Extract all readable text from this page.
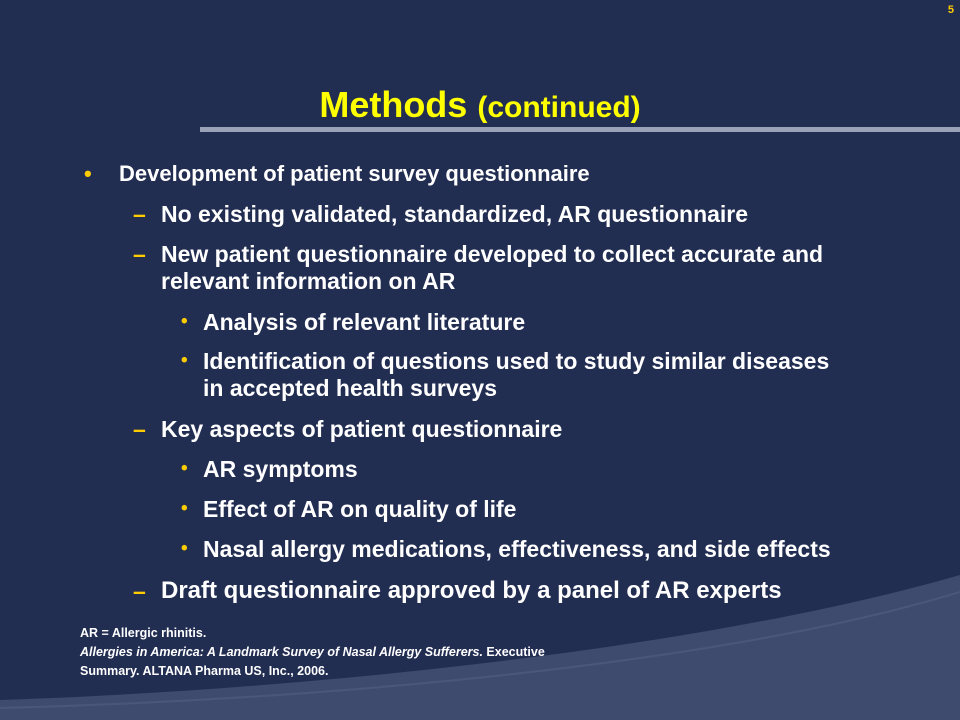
5
Methods (continued)
• Development of patient survey questionnaire
– No existing validated, standardized, AR questionnaire
– New patient questionnaire developed to collect accurate and
relevant information on AR
• Analysis of relevant literature
• Identification of questions used to study similar diseases
in accepted health surveys
– Key aspects of patient questionnaire
• AR symptoms
• Effect of AR on quality of life
• Nasal allergy medications, effectiveness, and side effects
– Draft questionnaire approved by a panel of AR experts
AR = Allergic rhinitis.
Allergies in America: A Landmark Survey of Nasal Allergy Sufferers. Executive
Summary. ALTANA Pharma US, Inc., 2006.
